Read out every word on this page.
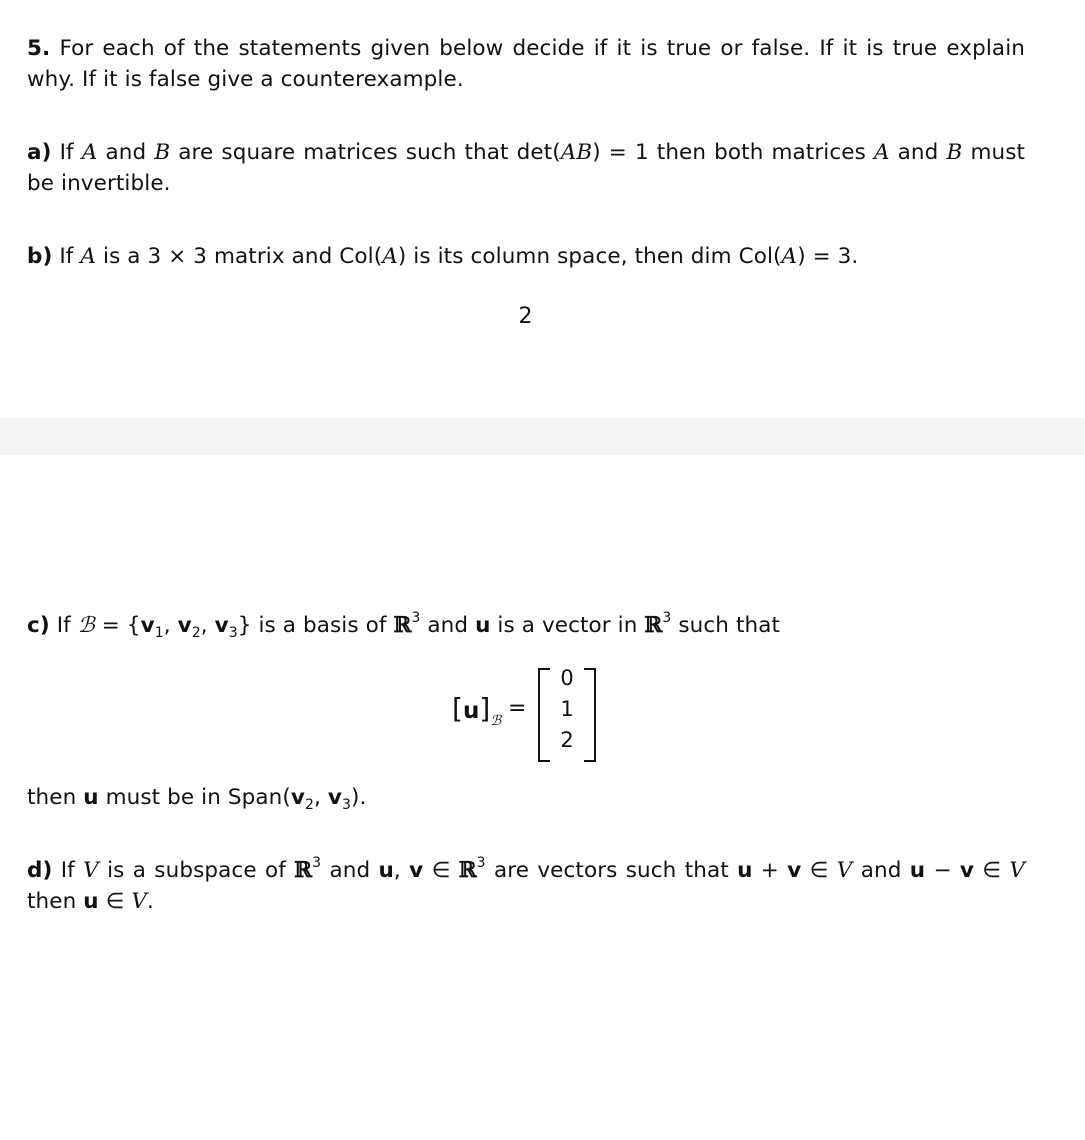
5. For each of the statements given below decide if it is true or false. If it is true explain why. If it is false give a counterexample.
a) If A and B are square matrices such that det(AB) = 1 then both matrices A and B must be invertible.
b) If A is a 3 × 3 matrix and Col(A) is its column space, then dim Col(A) = 3.
2
c) If ℬ = {$v_1$, $v_2$, $v_3$} is a basis of ℝ$^3$ and u is a vector in ℝ$^3$ such that
$[u]_ℬ$ =
0
1
2
then u must be in $Span(v_2$, $v_3$).
d) If V is a subspace of ℝ$^3$ and u, v ∈ ℝ$^3$ are vectors such that u + v ∈ V and u − v ∈ V then u ∈ V.
